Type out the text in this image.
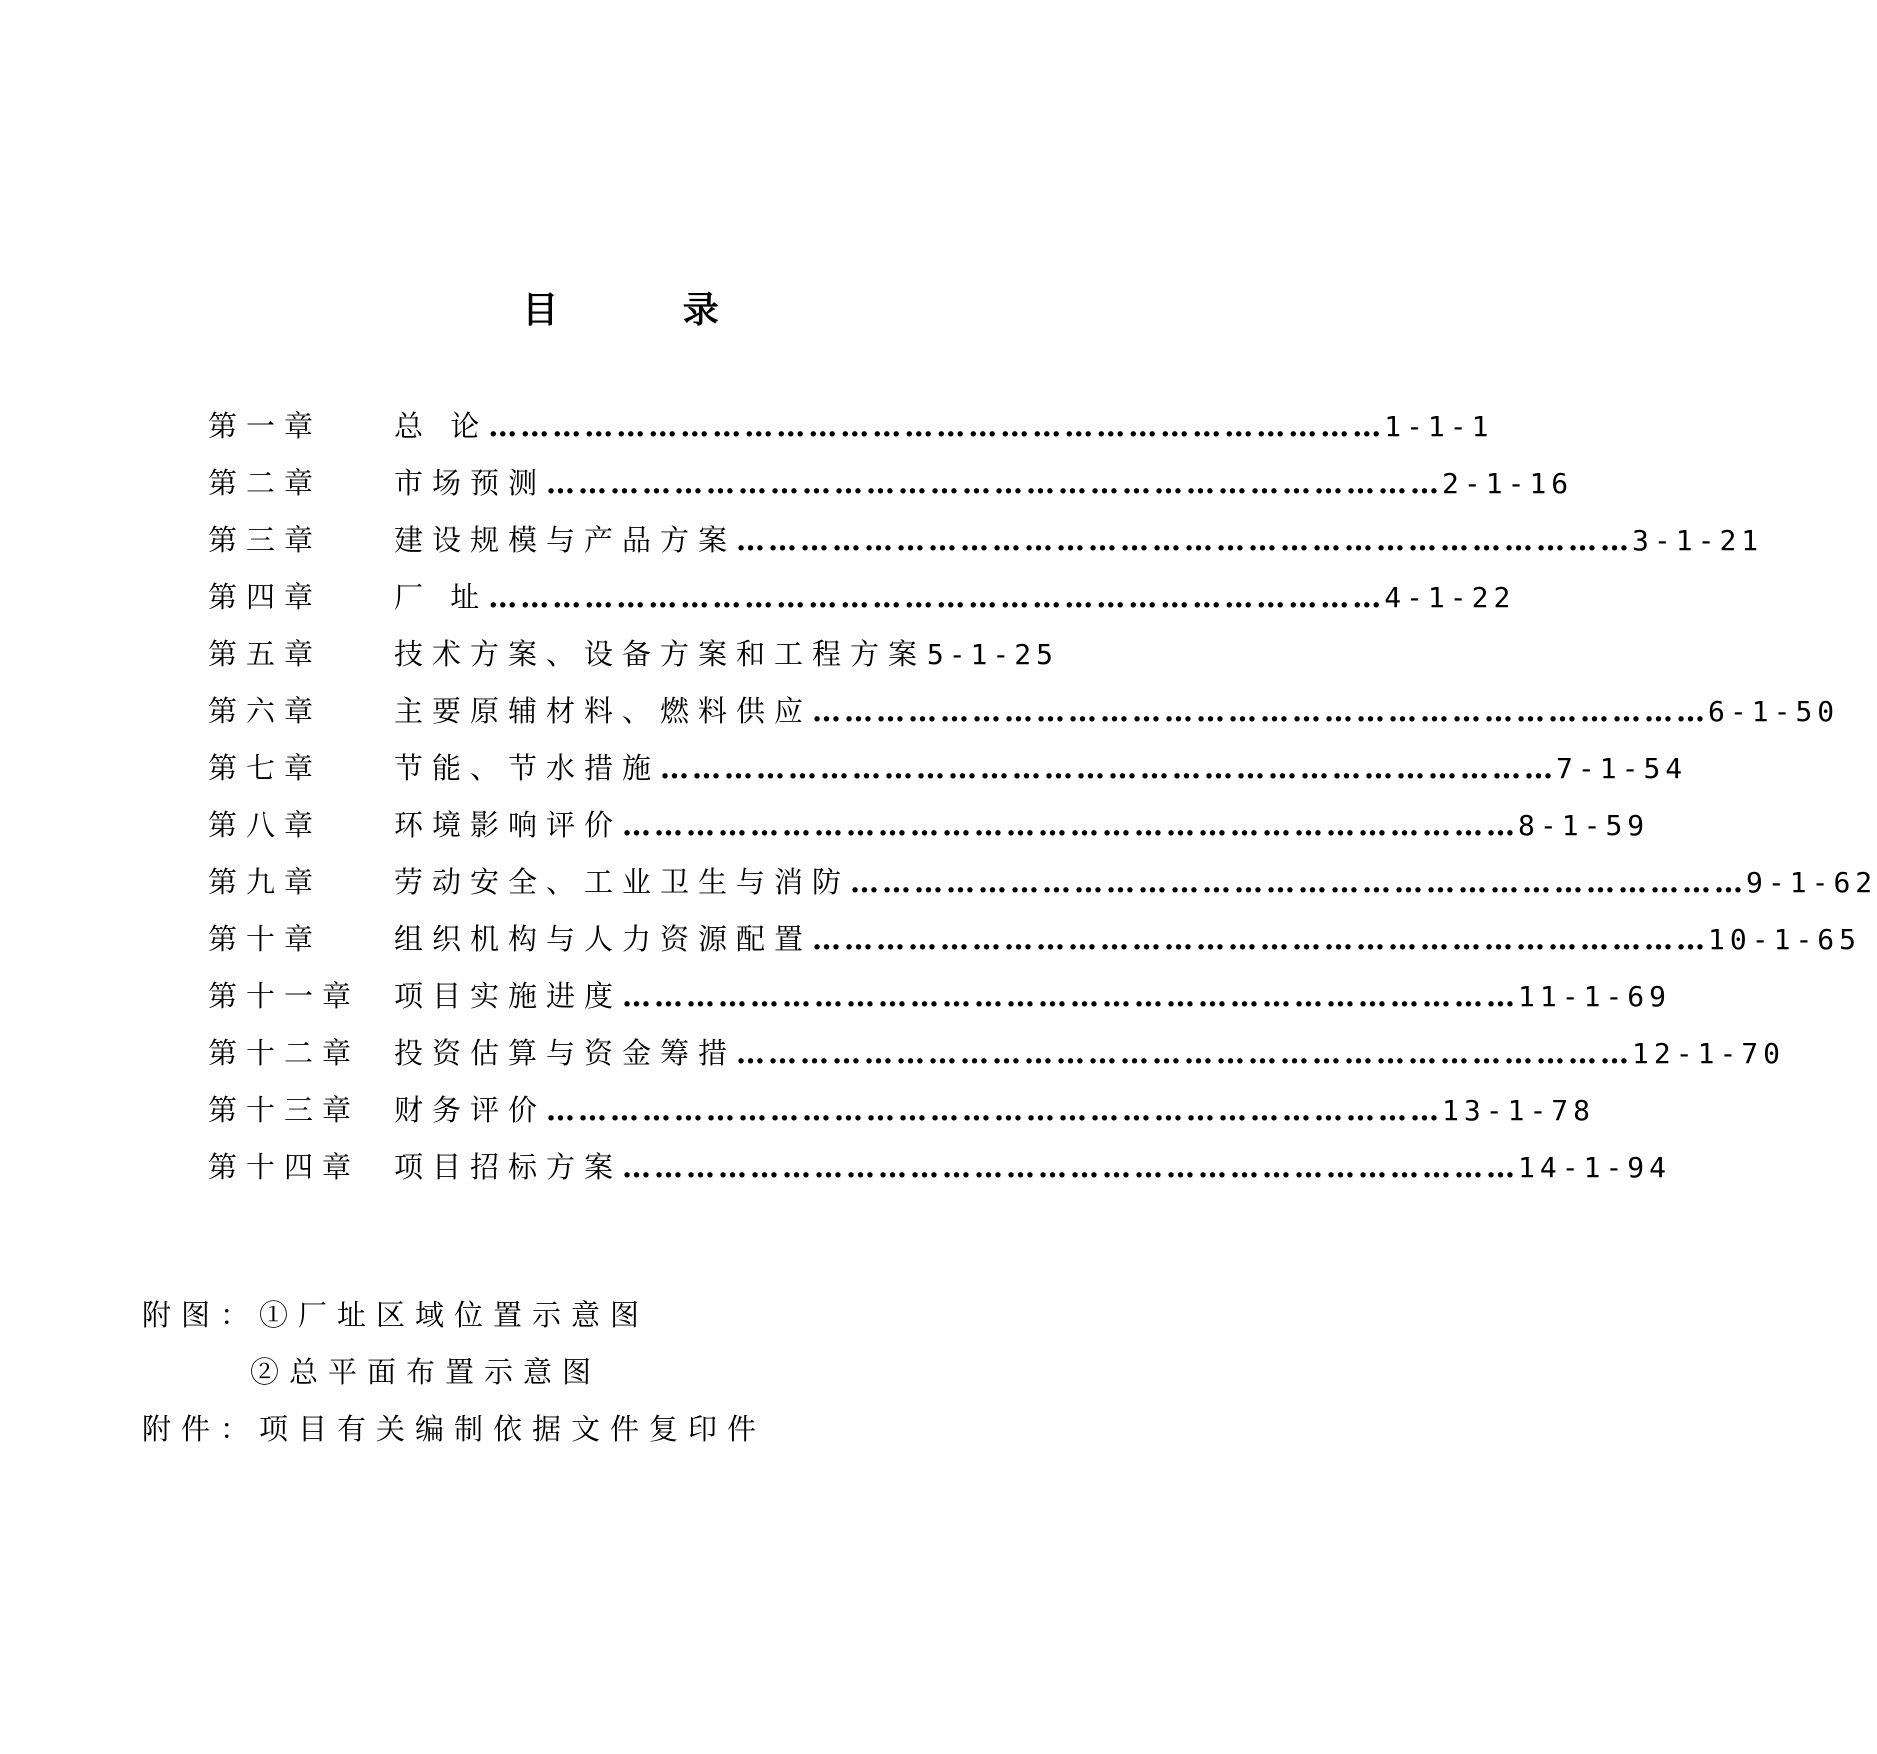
目 录
第一章 总 论 ………………………………………………………………………… 1-1-1
第二章 市场预测 ………………………………………………………………………… 2-1-16
第三章 建设规模与产品方案 ………………………………………………………………………… 3-1-21
第四章 厂 址 ………………………………………………………………………… 4-1-22
第五章 技术方案、设备方案和工程方案 5-1-25
第六章 主要原辅材料、燃料供应 ………………………………………………………………………… 6-1-50
第七章 节能、节水措施 ………………………………………………………………………… 7-1-54
第八章 环境影响评价 ………………………………………………………………………… 8-1-59
第九章 劳动安全、工业卫生与消防 ………………………………………………………………………… 9-1-62
第十章 组织机构与人力资源配置 ………………………………………………………………………… 10-1-65
第十一章 项目实施进度 ………………………………………………………………………… 11-1-69
第十二章 投资估算与资金筹措 ………………………………………………………………………… 12-1-70
第十三章 财务评价 ………………………………………………………………………… 13-1-78
第十四章 项目招标方案 ………………………………………………………………………… 14-1-94
附图：①厂址区域位置示意图
②总平面布置示意图
附件：项目有关编制依据文件复印件
